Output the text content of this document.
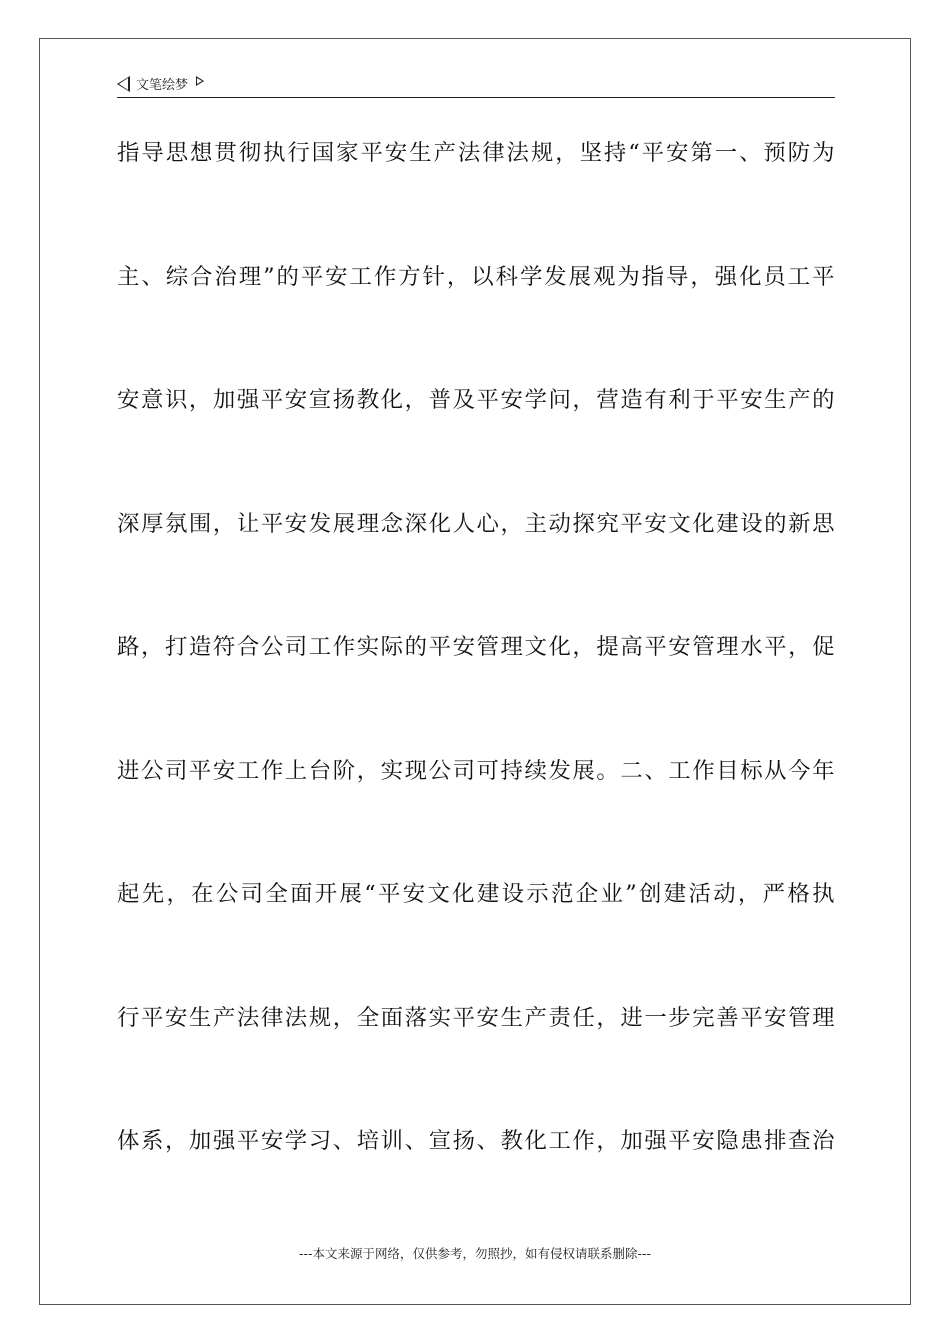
文笔绘梦
指导思想贯彻执行国家平安生产法律法规，坚持“平安第一、预防为
主、综合治理”的平安工作方针，以科学发展观为指导，强化员工平
安意识，加强平安宣扬教化，普及平安学问，营造有利于平安生产的
深厚氛围，让平安发展理念深化人心，主动探究平安文化建设的新思
路，打造符合公司工作实际的平安管理文化，提高平安管理水平，促
进公司平安工作上台阶，实现公司可持续发展。二、工作目标从今年
起先，在公司全面开展“平安文化建设示范企业”创建活动，严格执
行平安生产法律法规，全面落实平安生产责任，进一步完善平安管理
体系，加强平安学习、培训、宣扬、教化工作，加强平安隐患排查治
---本文来源于网络，仅供参考，勿照抄，如有侵权请联系删除---
